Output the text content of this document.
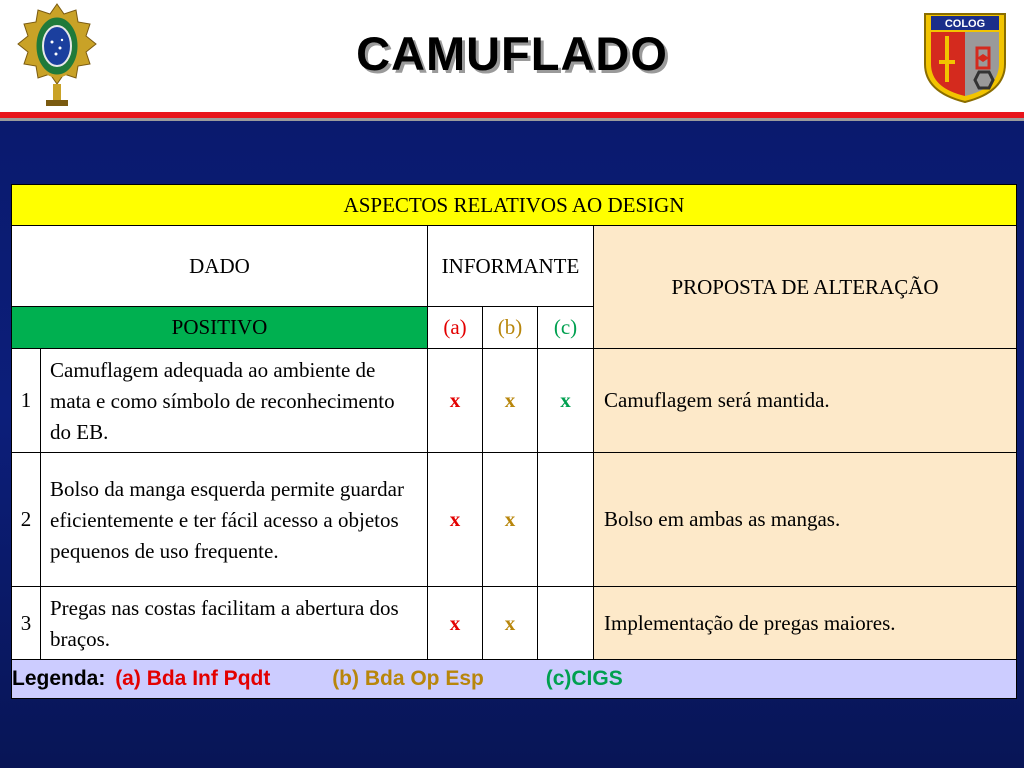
CAMUFLADO
COLOG
ASPECTOS RELATIVOS AO DESIGN					
DADO		INFORMANTE			PROPOSTA DE ALTERAÇÃO
POSITIVO		(a)	(b)	(c)	
1	Camuflagem adequada ao ambiente de mata e como símbolo de reconhecimento do EB.	x	x	x	Camuflagem será mantida.
2	Bolso da manga esquerda permite guardar eficientemente e ter fácil acesso a objetos pequenos de uso frequente.	x	x		Bolso em ambas as mangas.
3	Pregas nas costas facilitam a abertura dos braços.	x	x		Implementação de pregas maiores.
Legenda: (a) Bda Inf Pqdt (b) Bda Op Esp (c)CIGS					
